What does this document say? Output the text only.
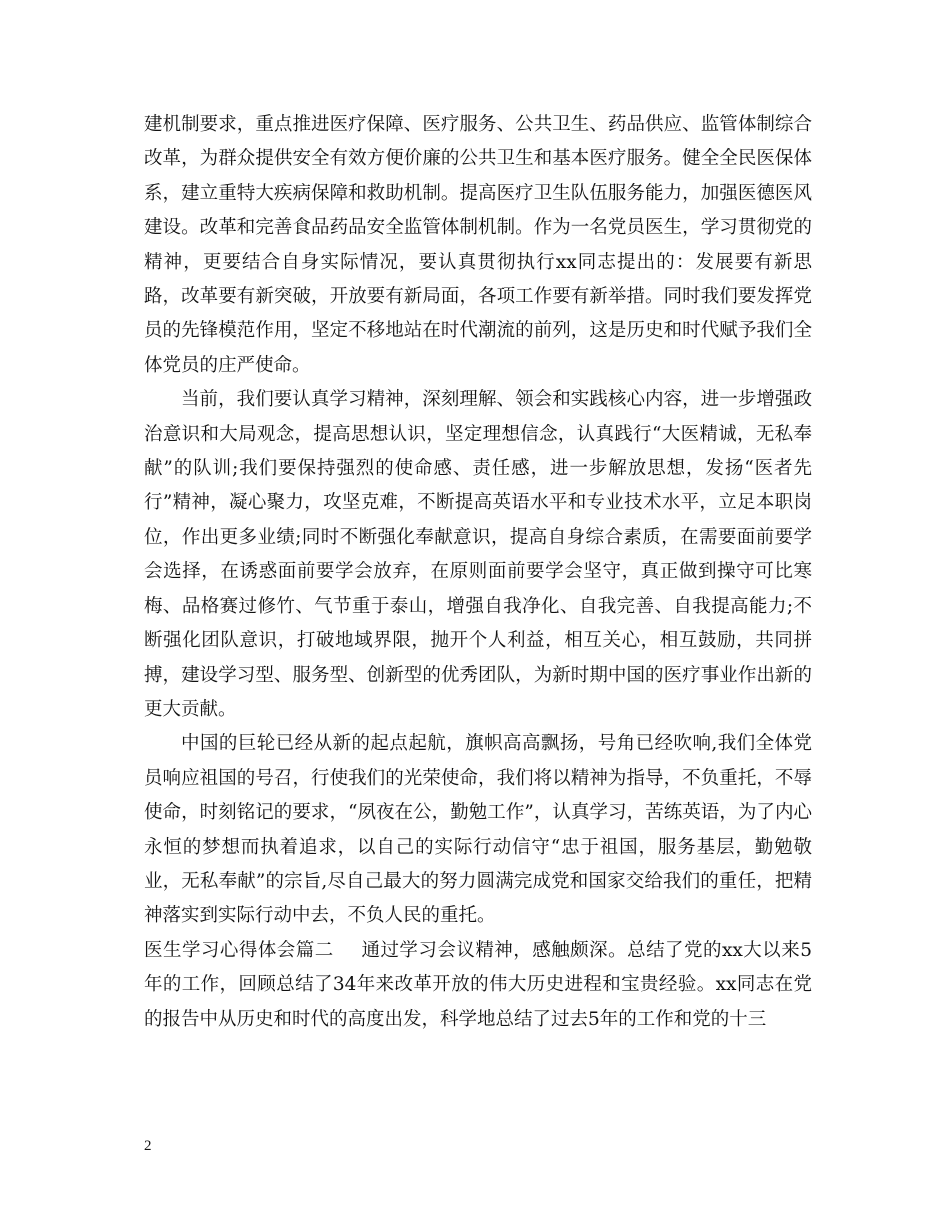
建机制要求，重点推进医疗保障、医疗服务、公共卫生、药品供应、监管体制综合改革，为群众提供安全有效方便价廉的公共卫生和基本医疗服务。健全全民医保体系，建立重特大疾病保障和救助机制。提高医疗卫生队伍服务能力，加强医德医风建设。改革和完善食品药品安全监管体制机制。作为一名党员医生，学习贯彻党的精神，更要结合自身实际情况，要认真贯彻执行xx同志提出的：发展要有新思路，改革要有新突破，开放要有新局面，各项工作要有新举措。同时我们要发挥党员的先锋模范作用，坚定不移地站在时代潮流的前列，这是历史和时代赋予我们全体党员的庄严使命。

当前，我们要认真学习精神，深刻理解、领会和实践核心内容，进一步增强政治意识和大局观念，提高思想认识，坚定理想信念，认真践行“大医精诚，无私奉献”的队训;我们要保持强烈的使命感、责任感，进一步解放思想，发扬“医者先行”精神，凝心聚力，攻坚克难，不断提高英语水平和专业技术水平，立足本职岗位，作出更多业绩;同时不断强化奉献意识，提高自身综合素质，在需要面前要学会选择，在诱惑面前要学会放弃，在原则面前要学会坚守，真正做到操守可比寒梅、品格赛过修竹、气节重于泰山，增强自我净化、自我完善、自我提高能力;不断强化团队意识，打破地域界限，抛开个人利益，相互关心，相互鼓励，共同拼搏，建设学习型、服务型、创新型的优秀团队，为新时期中国的医疗事业作出新的更大贡献。

中国的巨轮已经从新的起点起航，旗帜高高飘扬，号角已经吹响,我们全体党员响应祖国的号召，行使我们的光荣使命，我们将以精神为指导，不负重托，不辱使命，时刻铭记的要求，“夙夜在公，勤勉工作”，认真学习，苦练英语，为了内心永恒的梦想而执着追求，以自己的实际行动信守“忠于祖国，服务基层，勤勉敬业，无私奉献”的宗旨,尽自己最大的努力圆满完成党和国家交给我们的重任，把精神落实到实际行动中去，不负人民的重托。

医生学习心得体会篇二 通过学习会议精神，感触颇深。总结了党的xx大以来5年的工作，回顾总结了34年来改革开放的伟大历史进程和宝贵经验。xx同志在党的报告中从历史和时代的高度出发，科学地总结了过去5年的工作和党的十三

2
